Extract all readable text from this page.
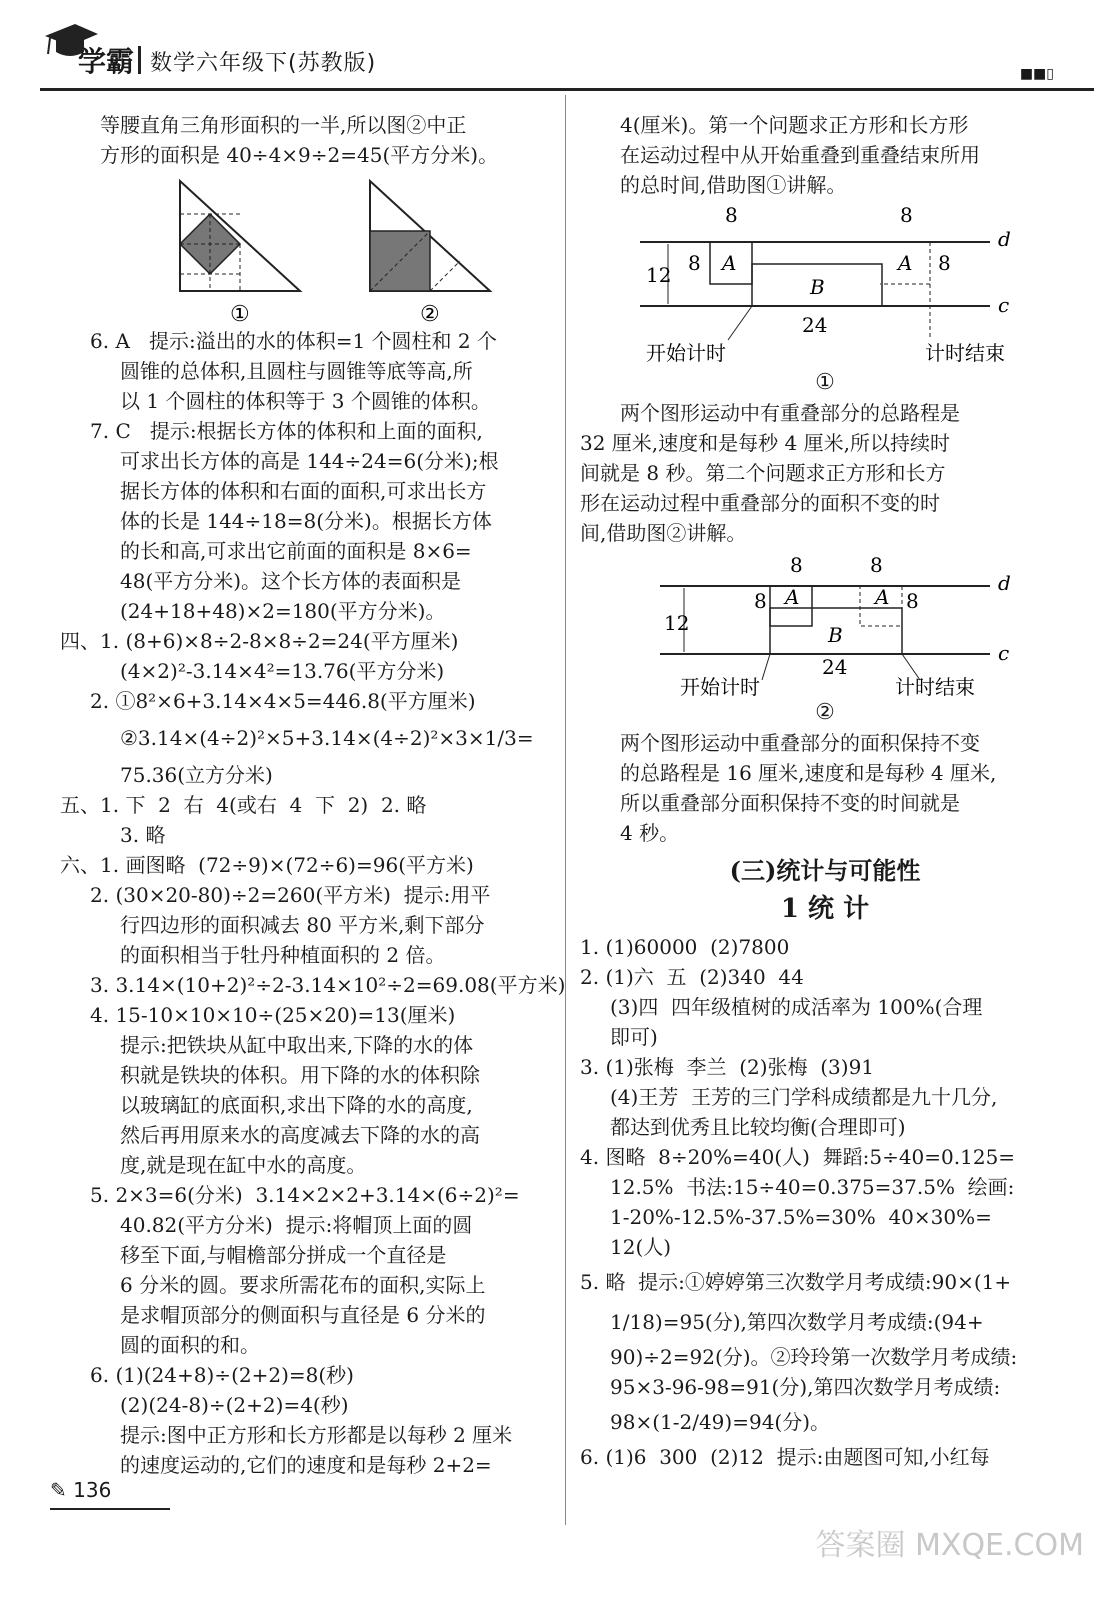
学霸 数学六年级下(苏教版)	■■▯
等腰直角三角形面积的一半,所以图②中正
方形的面积是 40÷4×9÷2=45(平方分米)。
①	②
6. A   提示:溢出的水的体积=1 个圆柱和 2 个
圆锥的总体积,且圆柱与圆锥等底等高,所
以 1 个圆柱的体积等于 3 个圆锥的体积。
7. C   提示:根据长方体的体积和上面的面积,
可求出长方体的高是 144÷24=6(分米);根
据长方体的体积和右面的面积,可求出长方
体的长是 144÷18=8(分米)。根据长方体
的长和高,可求出它前面的面积是 8×6=
48(平方分米)。这个长方体的表面积是
(24+18+48)×2=180(平方分米)。
四、1. (8+6)×8÷2-8×8÷2=24(平方厘米)
(4×2)²-3.14×4²=13.76(平方分米)
2. ①8²×6+3.14×4×5=446.8(平方厘米)
②3.14×(4÷2)²×5+3.14×(4÷2)²×3×1/3=
75.36(立方分米)
五、1. 下  2  右  4(或右  4  下  2)  2. 略
3. 略
六、1. 画图略  (72÷9)×(72÷6)=96(平方米)
2. (30×20-80)÷2=260(平方米)  提示:用平
行四边形的面积减去 80 平方米,剩下部分
的面积相当于牡丹种植面积的 2 倍。
3. 3.14×(10+2)²÷2-3.14×10²÷2=69.08(平方米)
4. 15-10×10×10÷(25×20)=13(厘米)
提示:把铁块从缸中取出来,下降的水的体
积就是铁块的体积。用下降的水的体积除
以玻璃缸的底面积,求出下降的水的高度,
然后再用原来水的高度减去下降的水的高
度,就是现在缸中水的高度。
5. 2×3=6(分米)  3.14×2×2+3.14×(6÷2)²=
40.82(平方分米)  提示:将帽顶上面的圆
移至下面,与帽檐部分拼成一个直径是
6 分米的圆。要求所需花布的面积,实际上
是求帽顶部分的侧面积与直径是 6 分米的
圆的面积的和。
6. (1)(24+8)÷(2+2)=8(秒)
(2)(24-8)÷(2+2)=4(秒)
提示:图中正方形和长方形都是以每秒 2 厘米
的速度运动的,它们的速度和是每秒 2+2=
4(厘米)。第一个问题求正方形和长方形
在运动过程中从开始重叠到重叠结束所用
的总时间,借助图①讲解。
8	8
12 8 A	A
B
8
d
c
24
开始计时	计时结束
①
两个图形运动中有重叠部分的总路程是
32 厘米,速度和是每秒 4 厘米,所以持续时
间就是 8 秒。第二个问题求正方形和长方
形在运动过程中重叠部分的面积不变的时
间,借助图②讲解。
8	8
12
8 A	A
B
8
d
c
24
开始计时	计时结束
②
两个图形运动中重叠部分的面积保持不变
的总路程是 16 厘米,速度和是每秒 4 厘米,
所以重叠部分面积保持不变的时间就是
4 秒。
(三)统计与可能性
1 统 计
1. (1)60000  (2)7800
2. (1)六  五  (2)340  44
(3)四  四年级植树的成活率为 100%(合理
即可)
3. (1)张梅  李兰  (2)张梅  (3)91
(4)王芳  王芳的三门学科成绩都是九十几分,
都达到优秀且比较均衡(合理即可)
4. 图略  8÷20%=40(人)  舞蹈:5÷40=0.125=
12.5%  书法:15÷40=0.375=37.5%  绘画:
1-20%-12.5%-37.5%=30%  40×30%=
12(人)
5. 略  提示:①婷婷第三次数学月考成绩:90×(1+
1/18)=95(分),第四次数学月考成绩:(94+
90)÷2=92(分)。②玲玲第一次数学月考成绩:
95×3-96-98=91(分),第四次数学月考成绩:
98×(1-2/49)=94(分)。
6. (1)6  300  (2)12  提示:由题图可知,小红每
✎ 136
答案圈 MXQE.COM
